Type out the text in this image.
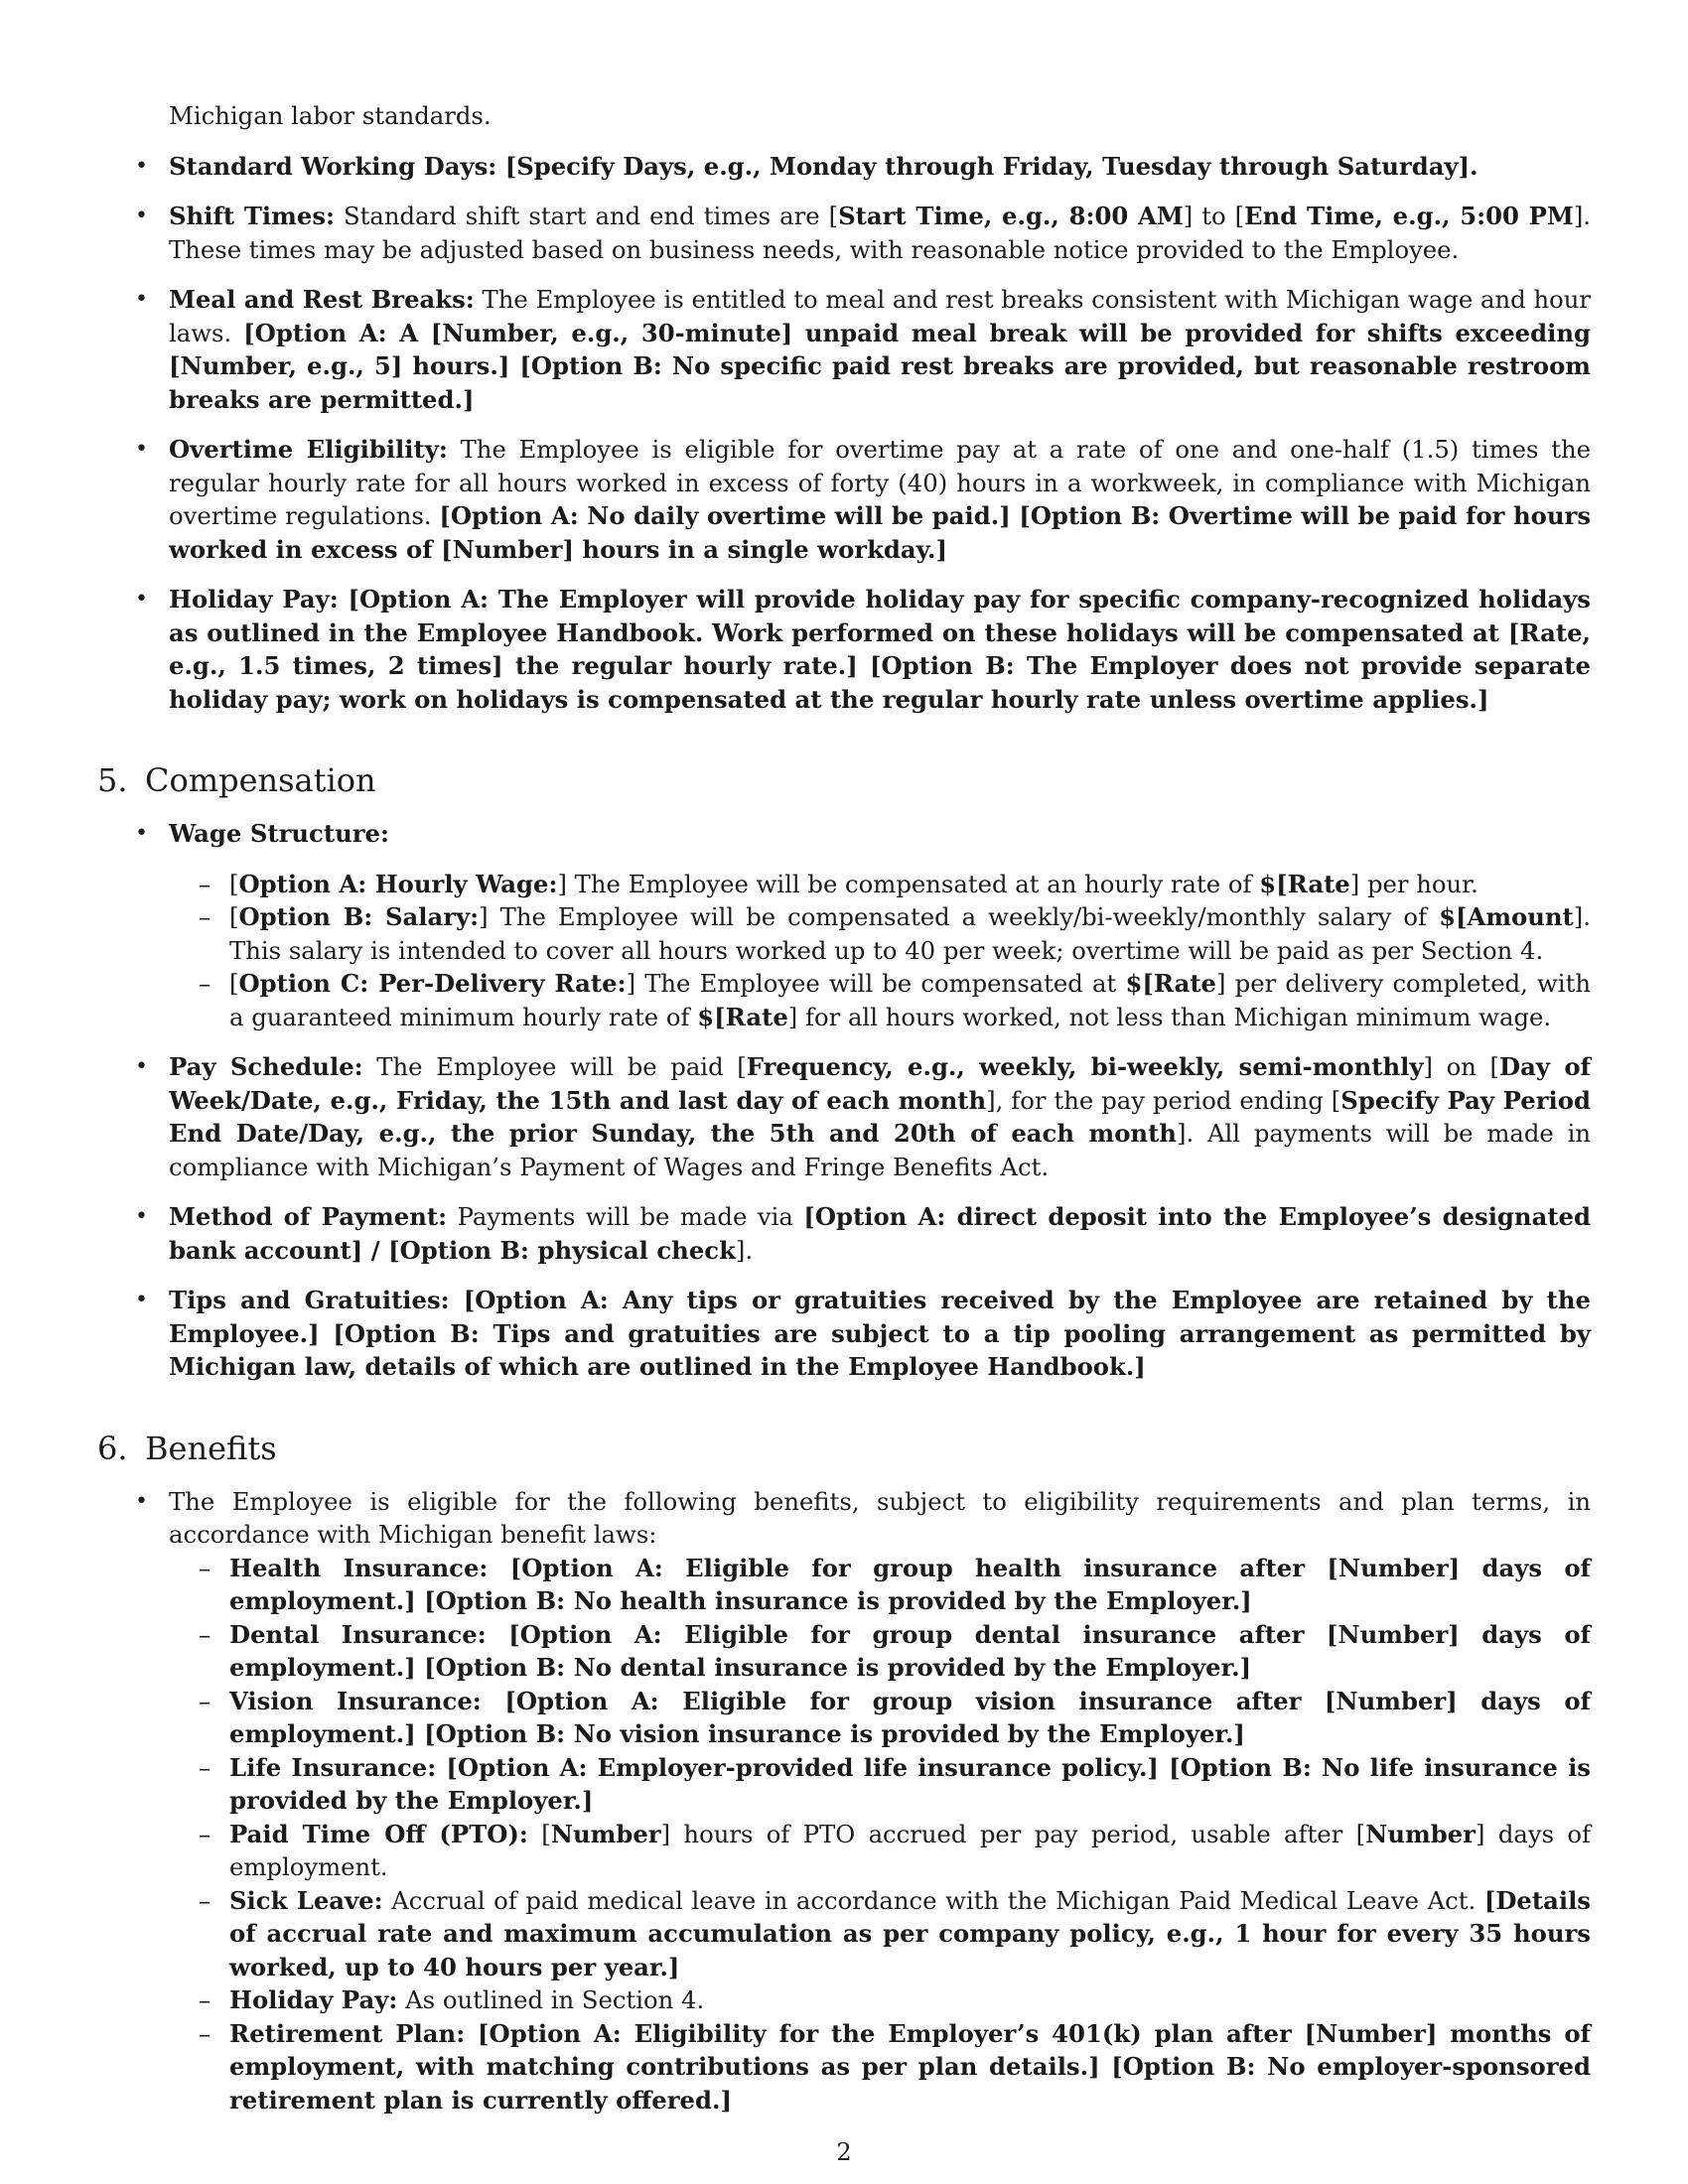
Michigan labor standards.

• Standard Working Days: [Specify Days, e.g., Monday through Friday, Tuesday through Saturday].
• Shift Times: Standard shift start and end times are [Start Time, e.g., 8:00 AM] to [End Time, e.g., 5:00 PM]. These times may be adjusted based on business needs, with reasonable notice provided to the Employee.
• Meal and Rest Breaks: The Employee is entitled to meal and rest breaks consistent with Michigan wage and hour laws. [Option A: A [Number, e.g., 30-minute] unpaid meal break will be provided for shifts exceeding [Number, e.g., 5] hours.] [Option B: No specific paid rest breaks are provided, but reasonable restroom breaks are permitted.]
• Overtime Eligibility: The Employee is eligible for overtime pay at a rate of one and one-half (1.5) times the regular hourly rate for all hours worked in excess of forty (40) hours in a workweek, in compliance with Michigan overtime regulations. [Option A: No daily overtime will be paid.] [Option B: Overtime will be paid for hours worked in excess of [Number] hours in a single workday.]
• Holiday Pay: [Option A: The Employer will provide holiday pay for specific company-recognized holidays as outlined in the Employee Handbook. Work performed on these holidays will be compensated at [Rate, e.g., 1.5 times, 2 times] the regular hourly rate.] [Option B: The Employer does not provide separate holiday pay; work on holidays is compensated at the regular hourly rate unless overtime applies.]
5. Compensation
• Wage Structure:
– [Option A: Hourly Wage:] The Employee will be compensated at an hourly rate of $[Rate] per hour.
– [Option B: Salary:] The Employee will be compensated a weekly/bi-weekly/monthly salary of $[Amount]. This salary is intended to cover all hours worked up to 40 per week; overtime will be paid as per Section 4.
– [Option C: Per-Delivery Rate:] The Employee will be compensated at $[Rate] per delivery completed, with a guaranteed minimum hourly rate of $[Rate] for all hours worked, not less than Michigan minimum wage.
• Pay Schedule: The Employee will be paid [Frequency, e.g., weekly, bi-weekly, semi-monthly] on [Day of Week/Date, e.g., Friday, the 15th and last day of each month], for the pay period ending [Specify Pay Period End Date/Day, e.g., the prior Sunday, the 5th and 20th of each month]. All payments will be made in compliance with Michigan’s Payment of Wages and Fringe Benefits Act.
• Method of Payment: Payments will be made via [Option A: direct deposit into the Employee’s designated bank account] / [Option B: physical check].
• Tips and Gratuities: [Option A: Any tips or gratuities received by the Employee are retained by the Employee.] [Option B: Tips and gratuities are subject to a tip pooling arrangement as permitted by Michigan law, details of which are outlined in the Employee Handbook.]
6. Benefits
• The Employee is eligible for the following benefits, subject to eligibility requirements and plan terms, in accordance with Michigan benefit laws:
– Health Insurance: [Option A: Eligible for group health insurance after [Number] days of employment.] [Option B: No health insurance is provided by the Employer.]
– Dental Insurance: [Option A: Eligible for group dental insurance after [Number] days of employment.] [Option B: No dental insurance is provided by the Employer.]
– Vision Insurance: [Option A: Eligible for group vision insurance after [Number] days of employment.] [Option B: No vision insurance is provided by the Employer.]
– Life Insurance: [Option A: Employer-provided life insurance policy.] [Option B: No life insurance is provided by the Employer.]
– Paid Time Off (PTO): [Number] hours of PTO accrued per pay period, usable after [Number] days of employment.
– Sick Leave: Accrual of paid medical leave in accordance with the Michigan Paid Medical Leave Act. [Details of accrual rate and maximum accumulation as per company policy, e.g., 1 hour for every 35 hours worked, up to 40 hours per year.]
– Holiday Pay: As outlined in Section 4.
– Retirement Plan: [Option A: Eligibility for the Employer’s 401(k) plan after [Number] months of employment, with matching contributions as per plan details.] [Option B: No employer-sponsored retirement plan is currently offered.]
2
